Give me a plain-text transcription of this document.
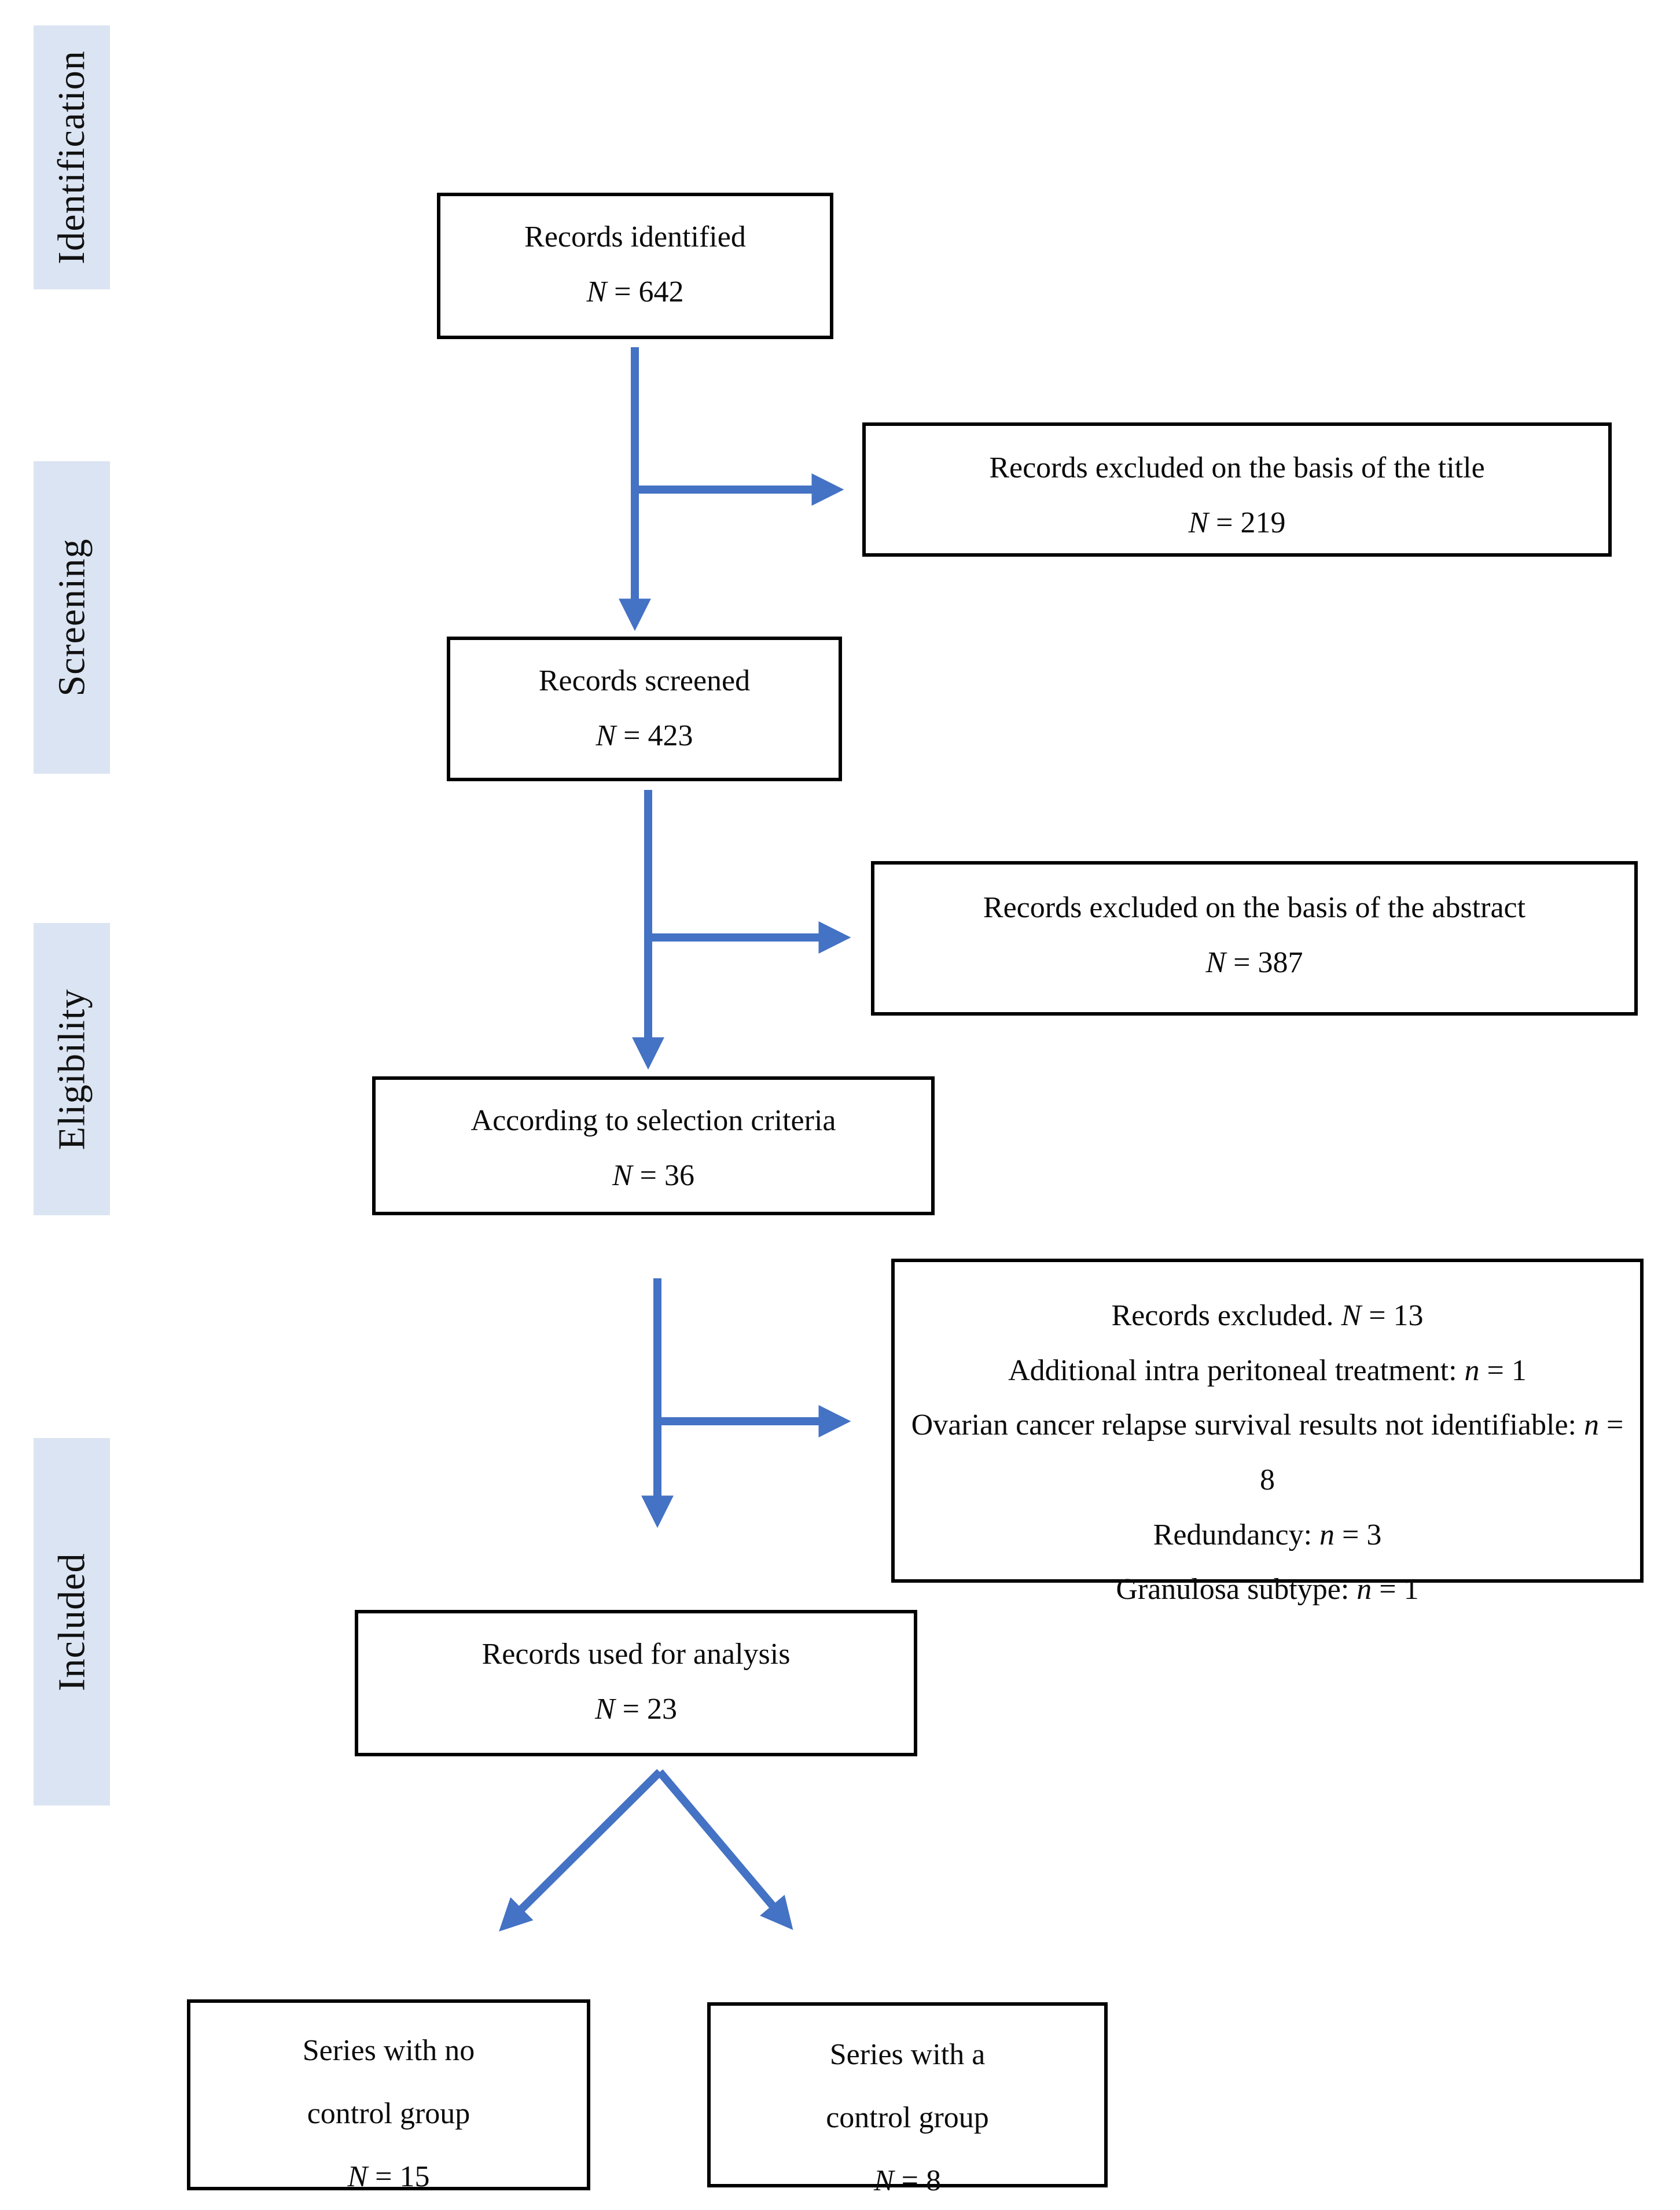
Identification
Screening
Eligibility
Included
Records identified
N = 642
Records excluded on the basis of the title
N = 219
Records screened
N = 423
Records excluded on the basis of the abstract
N = 387
According to selection criteria
N = 36
Records excluded. N = 13
Additional intra peritoneal treatment: n = 1
Ovarian cancer relapse survival results not identifiable: n = 8
Redundancy: n = 3
Granulosa subtype: n = 1
Records used for analysis
N = 23
Series with no
control group
N = 15
Series with a
control group
N = 8
